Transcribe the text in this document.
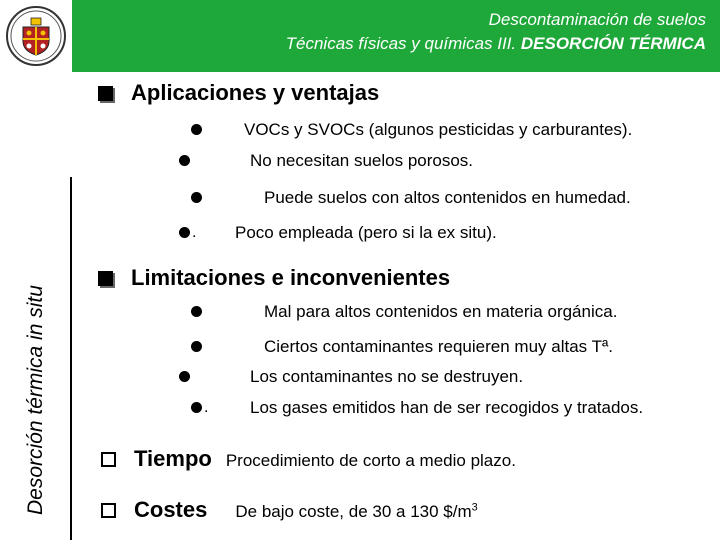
Descontaminación de suelos
Técnicas físicas y químicas III. DESORCIÓN TÉRMICA
Desorción térmica in situ
Aplicaciones y ventajas
VOCs y SVOCs (algunos pesticidas y carburantes).
No necesitan suelos porosos.
Puede suelos con altos contenidos en humedad.
. Poco empleada (pero si la ex situ).
Limitaciones e inconvenientes
Mal para altos contenidos en materia orgánica.
Ciertos contaminantes requieren muy altas Tª.
Los contaminantes no se destruyen.
. Los gases emitidos han de ser recogidos y tratados.
Tiempo Procedimiento de corto a medio plazo.
Costes De bajo coste, de 30 a 130 $\$/m^3$
